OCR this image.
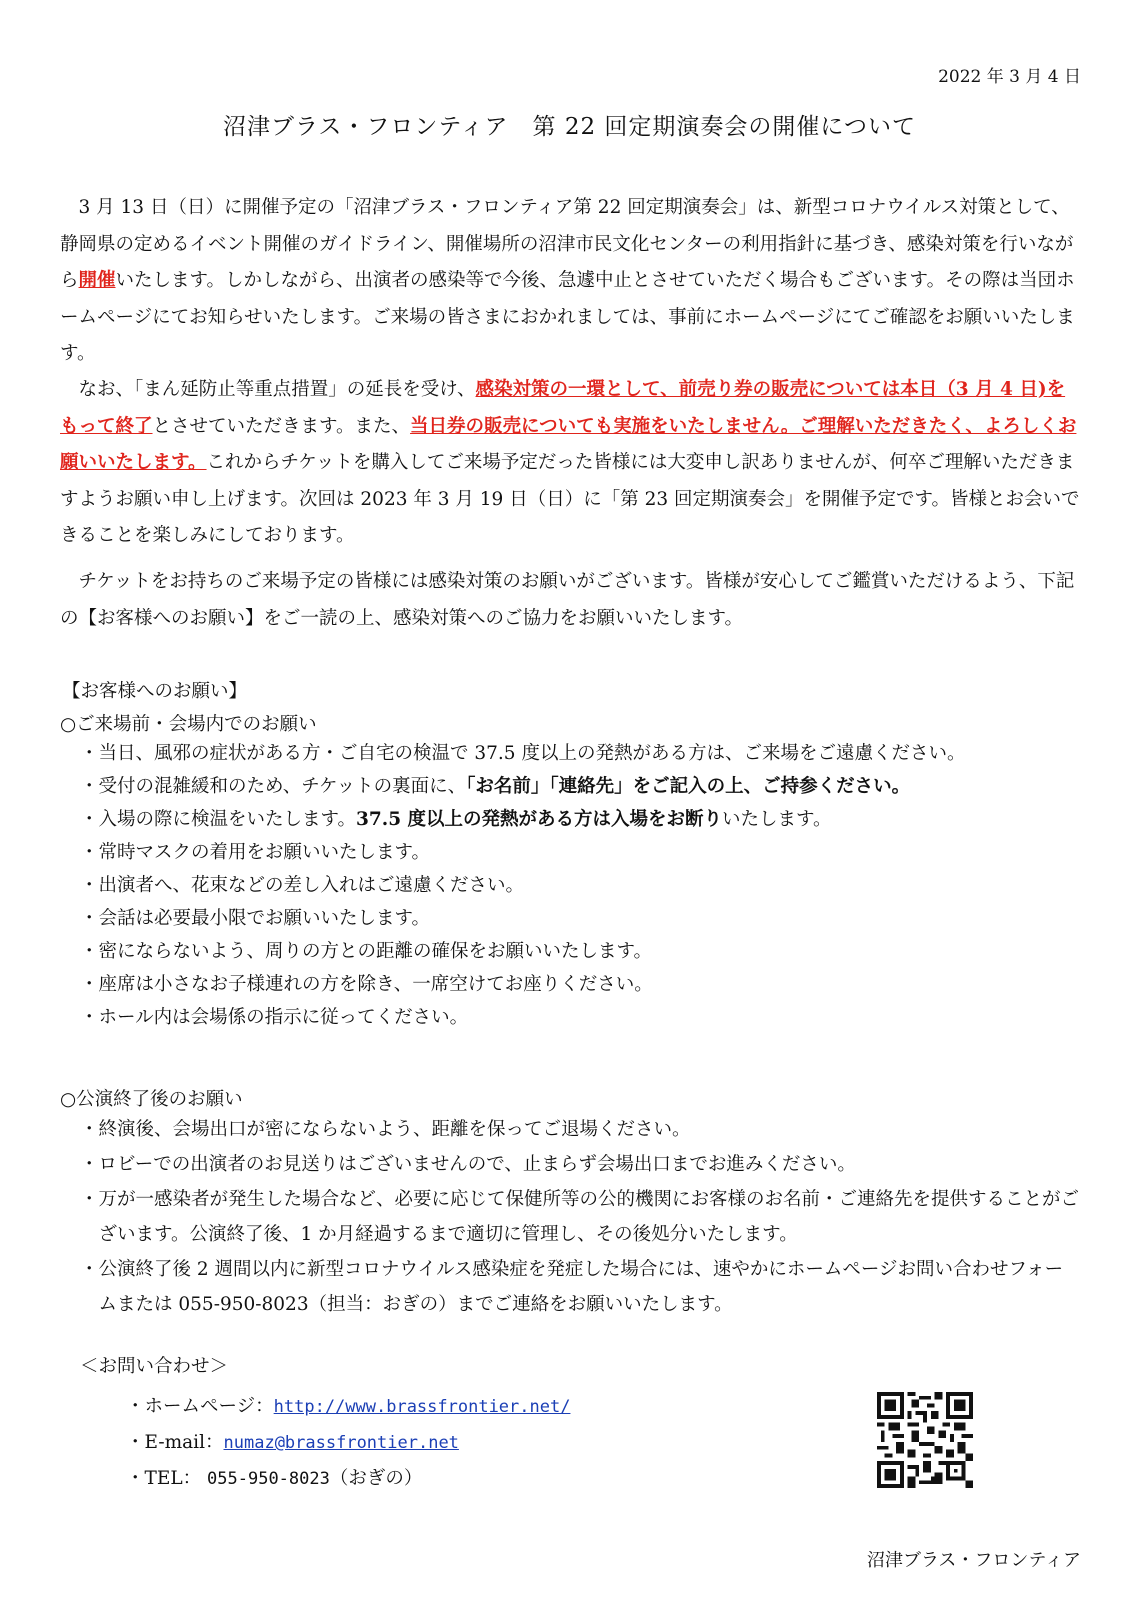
2022 年 3 月 4 日
沼津ブラス・フロンティア　第 22 回定期演奏会の開催について

3 月 13 日（日）に開催予定の「沼津ブラス・フロンティア第 22 回定期演奏会」は、新型コロナウイルス対策として、静岡県の定めるイベント開催のガイドライン、開催場所の沼津市民文化センターの利用指針に基づき、感染対策を行いながら開催いたします。しかしながら、出演者の感染等で今後、急遽中止とさせていただく場合もございます。その際は当団ホームページにてお知らせいたします。ご来場の皆さまにおかれましては、事前にホームページにてご確認をお願いいたします。

なお、「まん延防止等重点措置」の延長を受け、感染対策の一環として、前売り券の販売については本日（3 月 4 日)をもって終了とさせていただきます。また、当日券の販売についても実施をいたしません。ご理解いただきたく、よろしくお願いいたします。これからチケットを購入してご来場予定だった皆様には大変申し訳ありませんが、何卒ご理解いただきますようお願い申し上げます。次回は 2023 年 3 月 19 日（日）に「第 23 回定期演奏会」を開催予定です。皆様とお会いできることを楽しみにしております。

チケットをお持ちのご来場予定の皆様には感染対策のお願いがございます。皆様が安心してご鑑賞いただけるよう、下記の【お客様へのお願い】をご一読の上、感染対策へのご協力をお願いいたします。

【お客様へのお願い】
○ご来場前・会場内でのお願い
・当日、風邪の症状がある方・ご自宅の検温で 37.5 度以上の発熱がある方は、ご来場をご遠慮ください。
・受付の混雑緩和のため、チケットの裏面に、「お名前」「連絡先」をご記入の上、ご持参ください。
・入場の際に検温をいたします。37.5 度以上の発熱がある方は入場をお断りいたします。
・常時マスクの着用をお願いいたします。
・出演者へ、花束などの差し入れはご遠慮ください。
・会話は必要最小限でお願いいたします。
・密にならないよう、周りの方との距離の確保をお願いいたします。
・座席は小さなお子様連れの方を除き、一席空けてお座りください。
・ホール内は会場係の指示に従ってください。
○公演終了後のお願い
・終演後、会場出口が密にならないよう、距離を保ってご退場ください。
・ロビーでの出演者のお見送りはございませんので、止まらず会場出口までお進みください。
・万が一感染者が発生した場合など、必要に応じて保健所等の公的機関にお客様のお名前・ご連絡先を提供することがございます。公演終了後、1 か月経過するまで適切に管理し、その後処分いたします。
・公演終了後 2 週間以内に新型コロナウイルス感染症を発症した場合には、速やかにホームページお問い合わせフォームまたは 055-950-8023（担当：おぎの）までご連絡をお願いいたします。
＜お問い合わせ＞
・ホームページ：http://www.brassfrontier.net/
・E-mail：numaz@brassfrontier.net
・TEL： 055-950-8023（おぎの）
沼津ブラス・フロンティア
